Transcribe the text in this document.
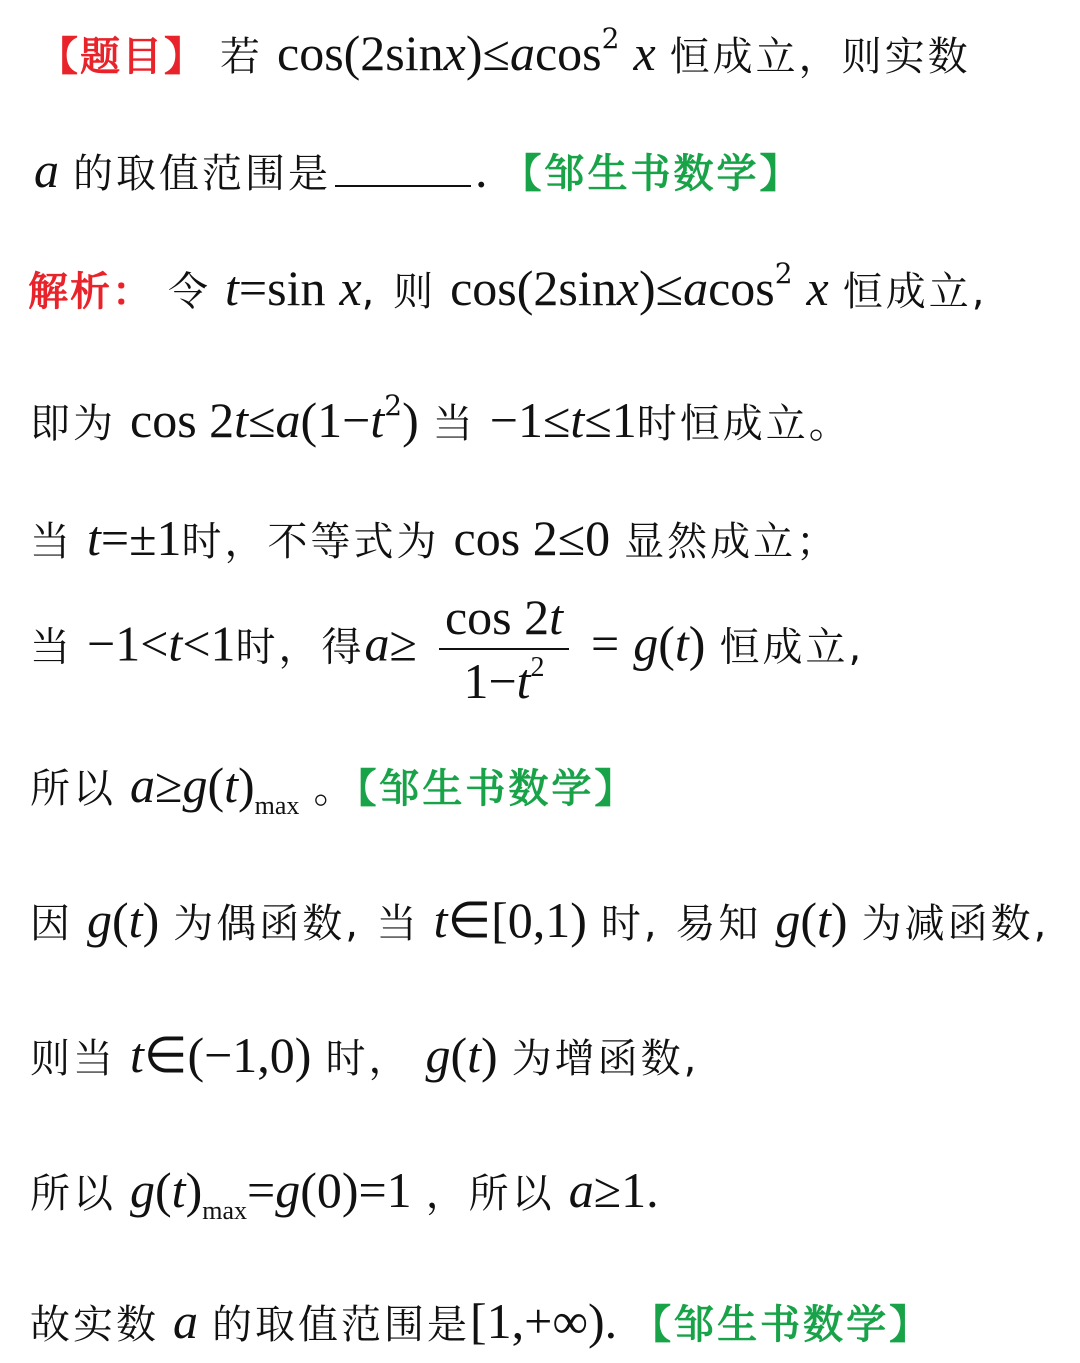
【题目】 若 cos(2sinx)≤acos$^2$ x 恒成立，则实数
a 的取值范围是	. 【邹生书数学】
解析： 令 t=sin x, 则 cos(2sinx)≤acos$^2$ x 恒成立,
即为 $\cos 2t\le a(1-t^2)$ 当 −1≤t≤1时恒成立。
当 t=±1时，不等式为 cos 2≤0 显然成立；
当 −1<t<1时，得$a\ge \frac{\cos 2t}{1-t^2} = g(t)$ 恒成立,
所以 $a\ge g(t)_{max}$ 。【邹生书数学】
因 g(t) 为偶函数, 当 t∈[0,1) 时, 易知 g(t) 为减函数,
则当 t∈(−1,0) 时， g(t) 为增函数,
所以 $g(t)_{max}=g(0)=1$ ，所以 a≥1.
故实数 a 的取值范围是[1,+∞). 【邹生书数学】
